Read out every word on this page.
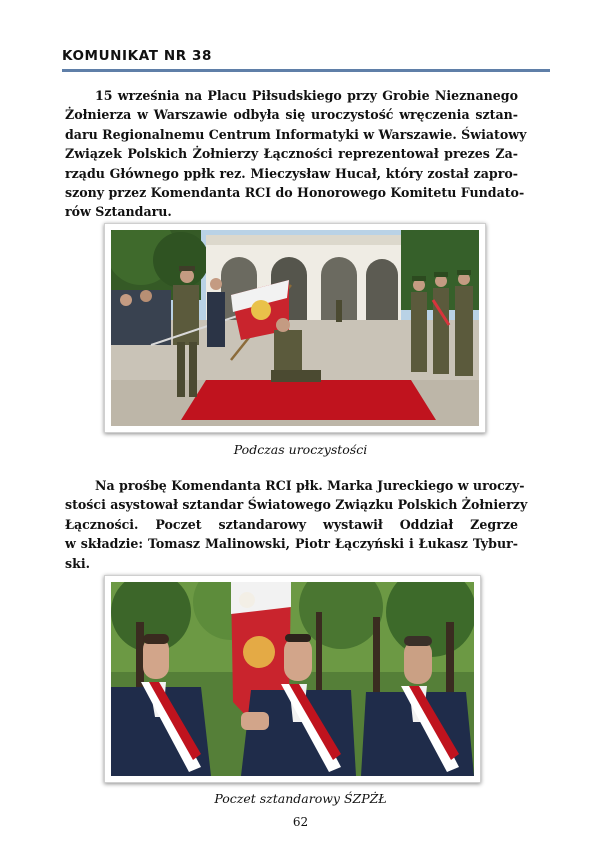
KOMUNIKAT NR 38
15 września na Placu Piłsudskiego przy Grobie Nieznanego
Żołnierza w Warszawie odbyła się uroczystość wręczenia sztan-
daru Regionalnemu Centrum Informatyki w Warszawie. Światowy
Związek Polskich Żołnierzy Łączności reprezentował prezes Za-
rządu Głównego ppłk rez. Mieczysław Hucał, który został zapro-
szony przez Komendanta RCI do Honorowego Komitetu Fundato-
rów Sztandaru.
Podczas uroczystości
Na prośbę Komendanta RCI płk. Marka Jureckiego w uroczy-
stości asystował sztandar Światowego Związku Polskich Żołnierzy
Łączności. Poczet sztandarowy wystawił Oddział Zegrze
w składzie: Tomasz Malinowski, Piotr Łączyński i Łukasz Tybur-
ski.
Poczet sztandarowy ŚZPŻŁ
62
